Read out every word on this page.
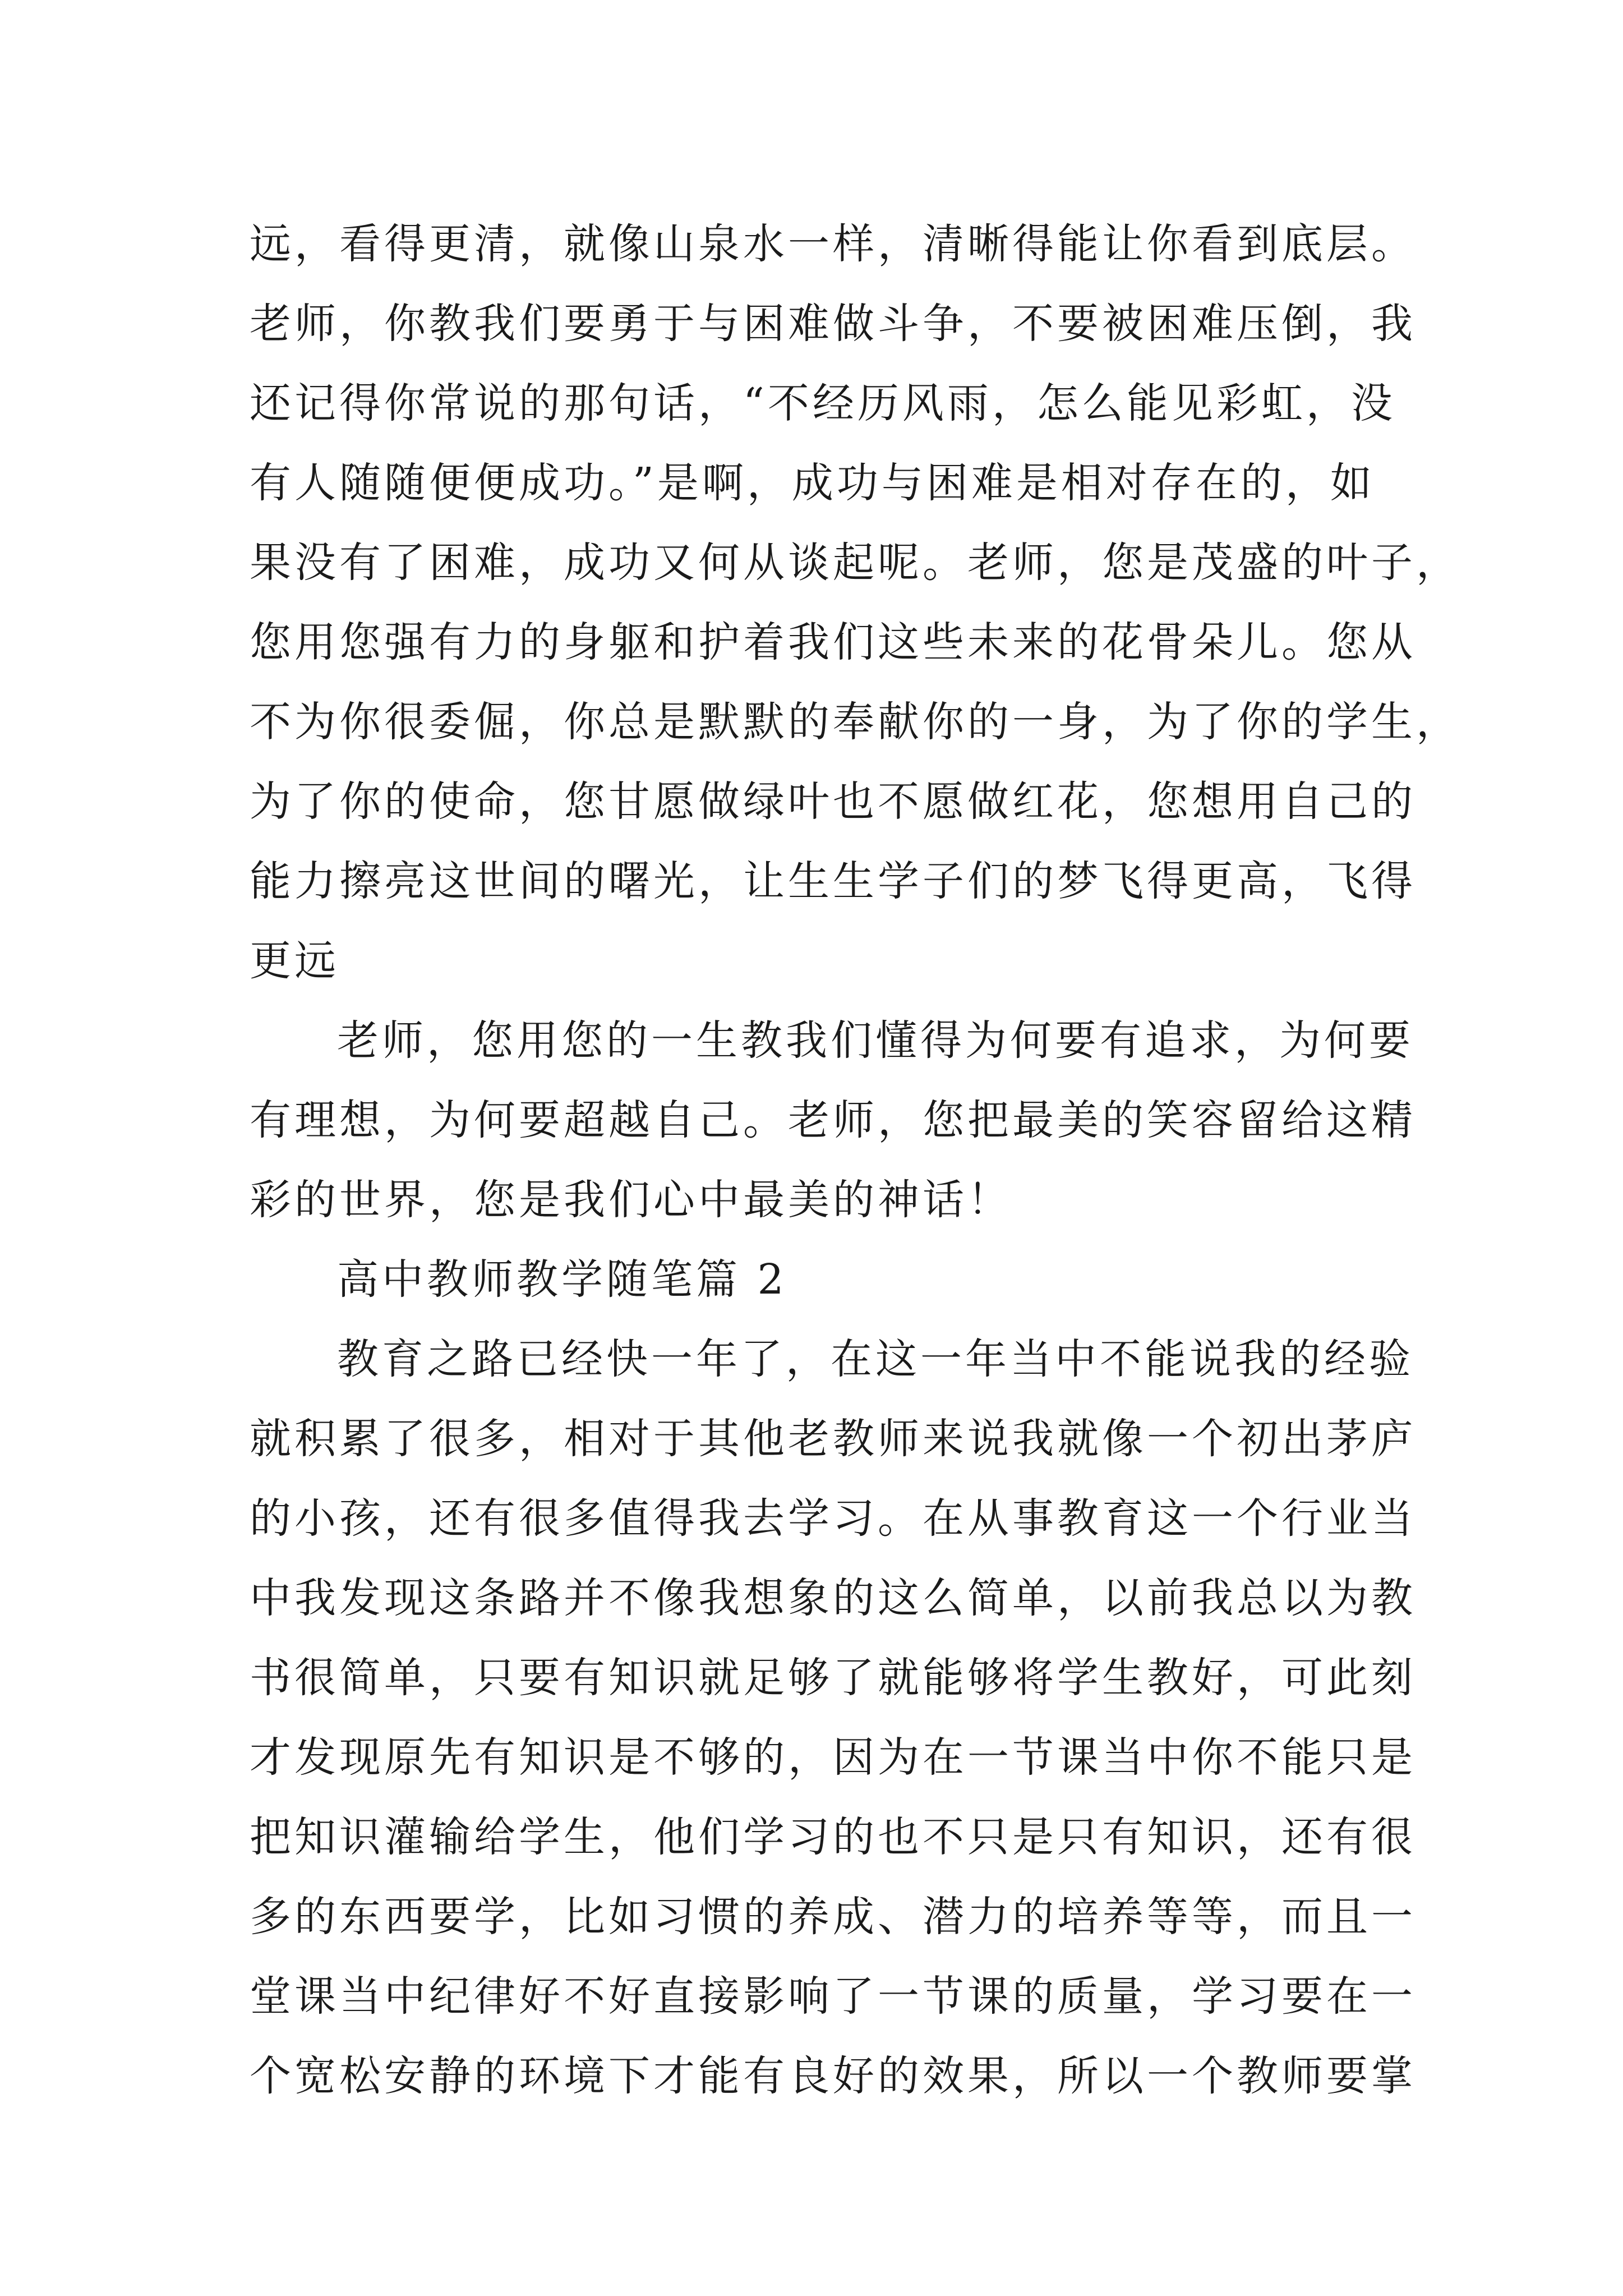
远，看得更清，就像山泉水一样，清晰得能让你看到底层。
老师，你教我们要勇于与困难做斗争，不要被困难压倒，我
还记得你常说的那句话，“不经历风雨，怎么能见彩虹，没
有人随随便便成功。”是啊，成功与困难是相对存在的，如
果没有了困难，成功又何从谈起呢。老师，您是茂盛的叶子，
您用您强有力的身躯和护着我们这些未来的花骨朵儿。您从
不为你很委倔，你总是默默的奉献你的一身，为了你的学生，
为了你的使命，您甘愿做绿叶也不愿做红花，您想用自己的
能力擦亮这世间的曙光，让生生学子们的梦飞得更高，飞得
更远
老师，您用您的一生教我们懂得为何要有追求，为何要
有理想，为何要超越自己。老师，您把最美的笑容留给这精
彩的世界，您是我们心中最美的神话！
高中教师教学随笔篇 2
教育之路已经快一年了，在这一年当中不能说我的经验
就积累了很多，相对于其他老教师来说我就像一个初出茅庐
的小孩，还有很多值得我去学习。在从事教育这一个行业当
中我发现这条路并不像我想象的这么简单，以前我总以为教
书很简单，只要有知识就足够了就能够将学生教好，可此刻
才发现原先有知识是不够的，因为在一节课当中你不能只是
把知识灌输给学生，他们学习的也不只是只有知识，还有很
多的东西要学，比如习惯的养成、潜力的培养等等，而且一
堂课当中纪律好不好直接影响了一节课的质量，学习要在一
个宽松安静的环境下才能有良好的效果，所以一个教师要掌
